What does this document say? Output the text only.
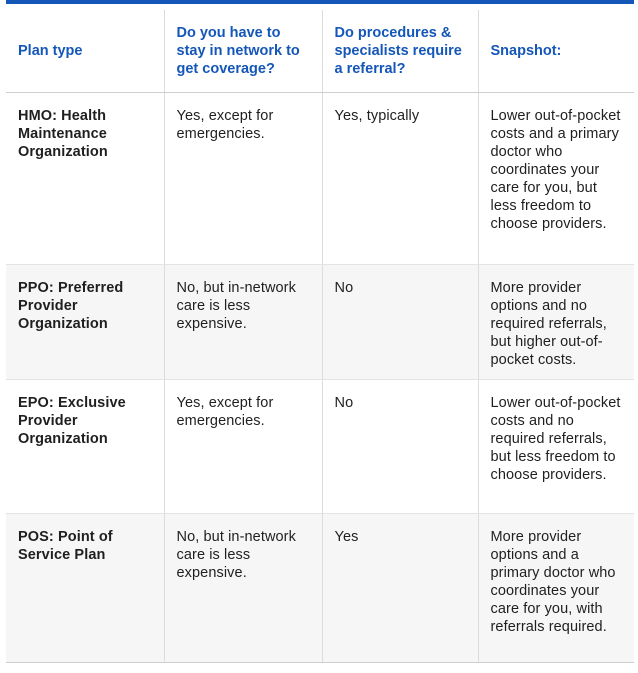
Plan type	Do you have to stay in network to get coverage?	Do procedures & specialists require a referral?	Snapshot:
HMO: Health Maintenance Organization	Yes, except for emergencies.	Yes, typically	Lower out-of-pocket costs and a primary doctor who coordinates your care for you, but less freedom to choose providers.
PPO: Preferred Provider Organization	No, but in-network care is less expensive.	No	More provider options and no required referrals, but higher out-of-pocket costs.
EPO: Exclusive Provider Organization	Yes, except for emergencies.	No	Lower out-of-pocket costs and no required referrals, but less freedom to choose providers.
POS: Point of Service Plan	No, but in-network care is less expensive.	Yes	More provider options and a primary doctor who coordinates your care for you, with referrals required.
